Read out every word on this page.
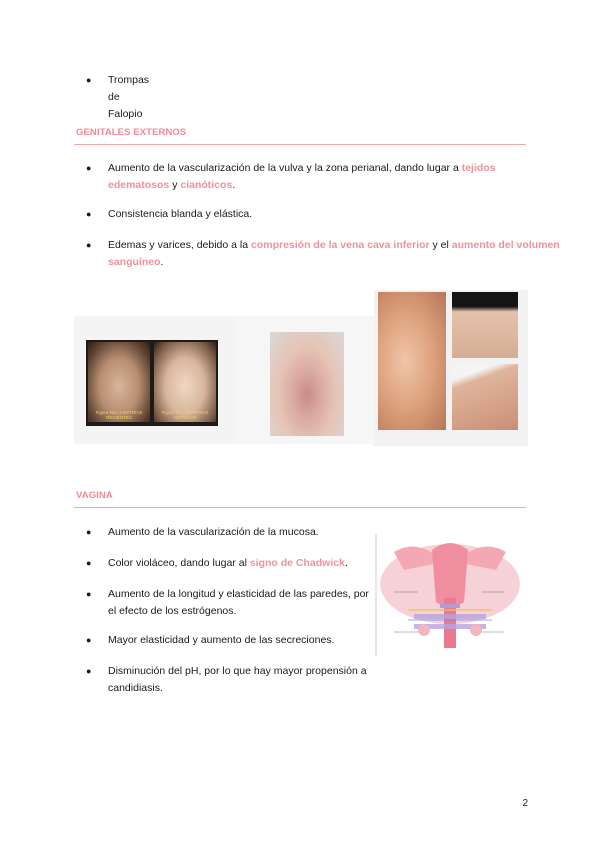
● Trompas de Falopio
GENITALES EXTERNOS
● Aumento de la vascularización de la vulva y la zona perianal, dando lugar a tejidos
edematosos y cianóticos.
● Consistencia blanda y elástica.
● Edemas y varices, debido a la compresión de la vena cava inferior y el aumento del volumen
sanguíneo.
Figura Nro. 2 ESTRÍAS RECIENTES
Figura Nro. 3 ESTRÍAS ANTIGUAS
VAGINA
● Aumento de la vascularización de la mucosa.
● Color violáceo, dando lugar al signo de Chadwick.
● Aumento de la longitud y elasticidad de las paredes, por
el efecto de los estrógenos.
● Mayor elasticidad y aumento de las secreciones.
● Disminución del pH, por lo que hay mayor propensión a
candidiasis.
2
